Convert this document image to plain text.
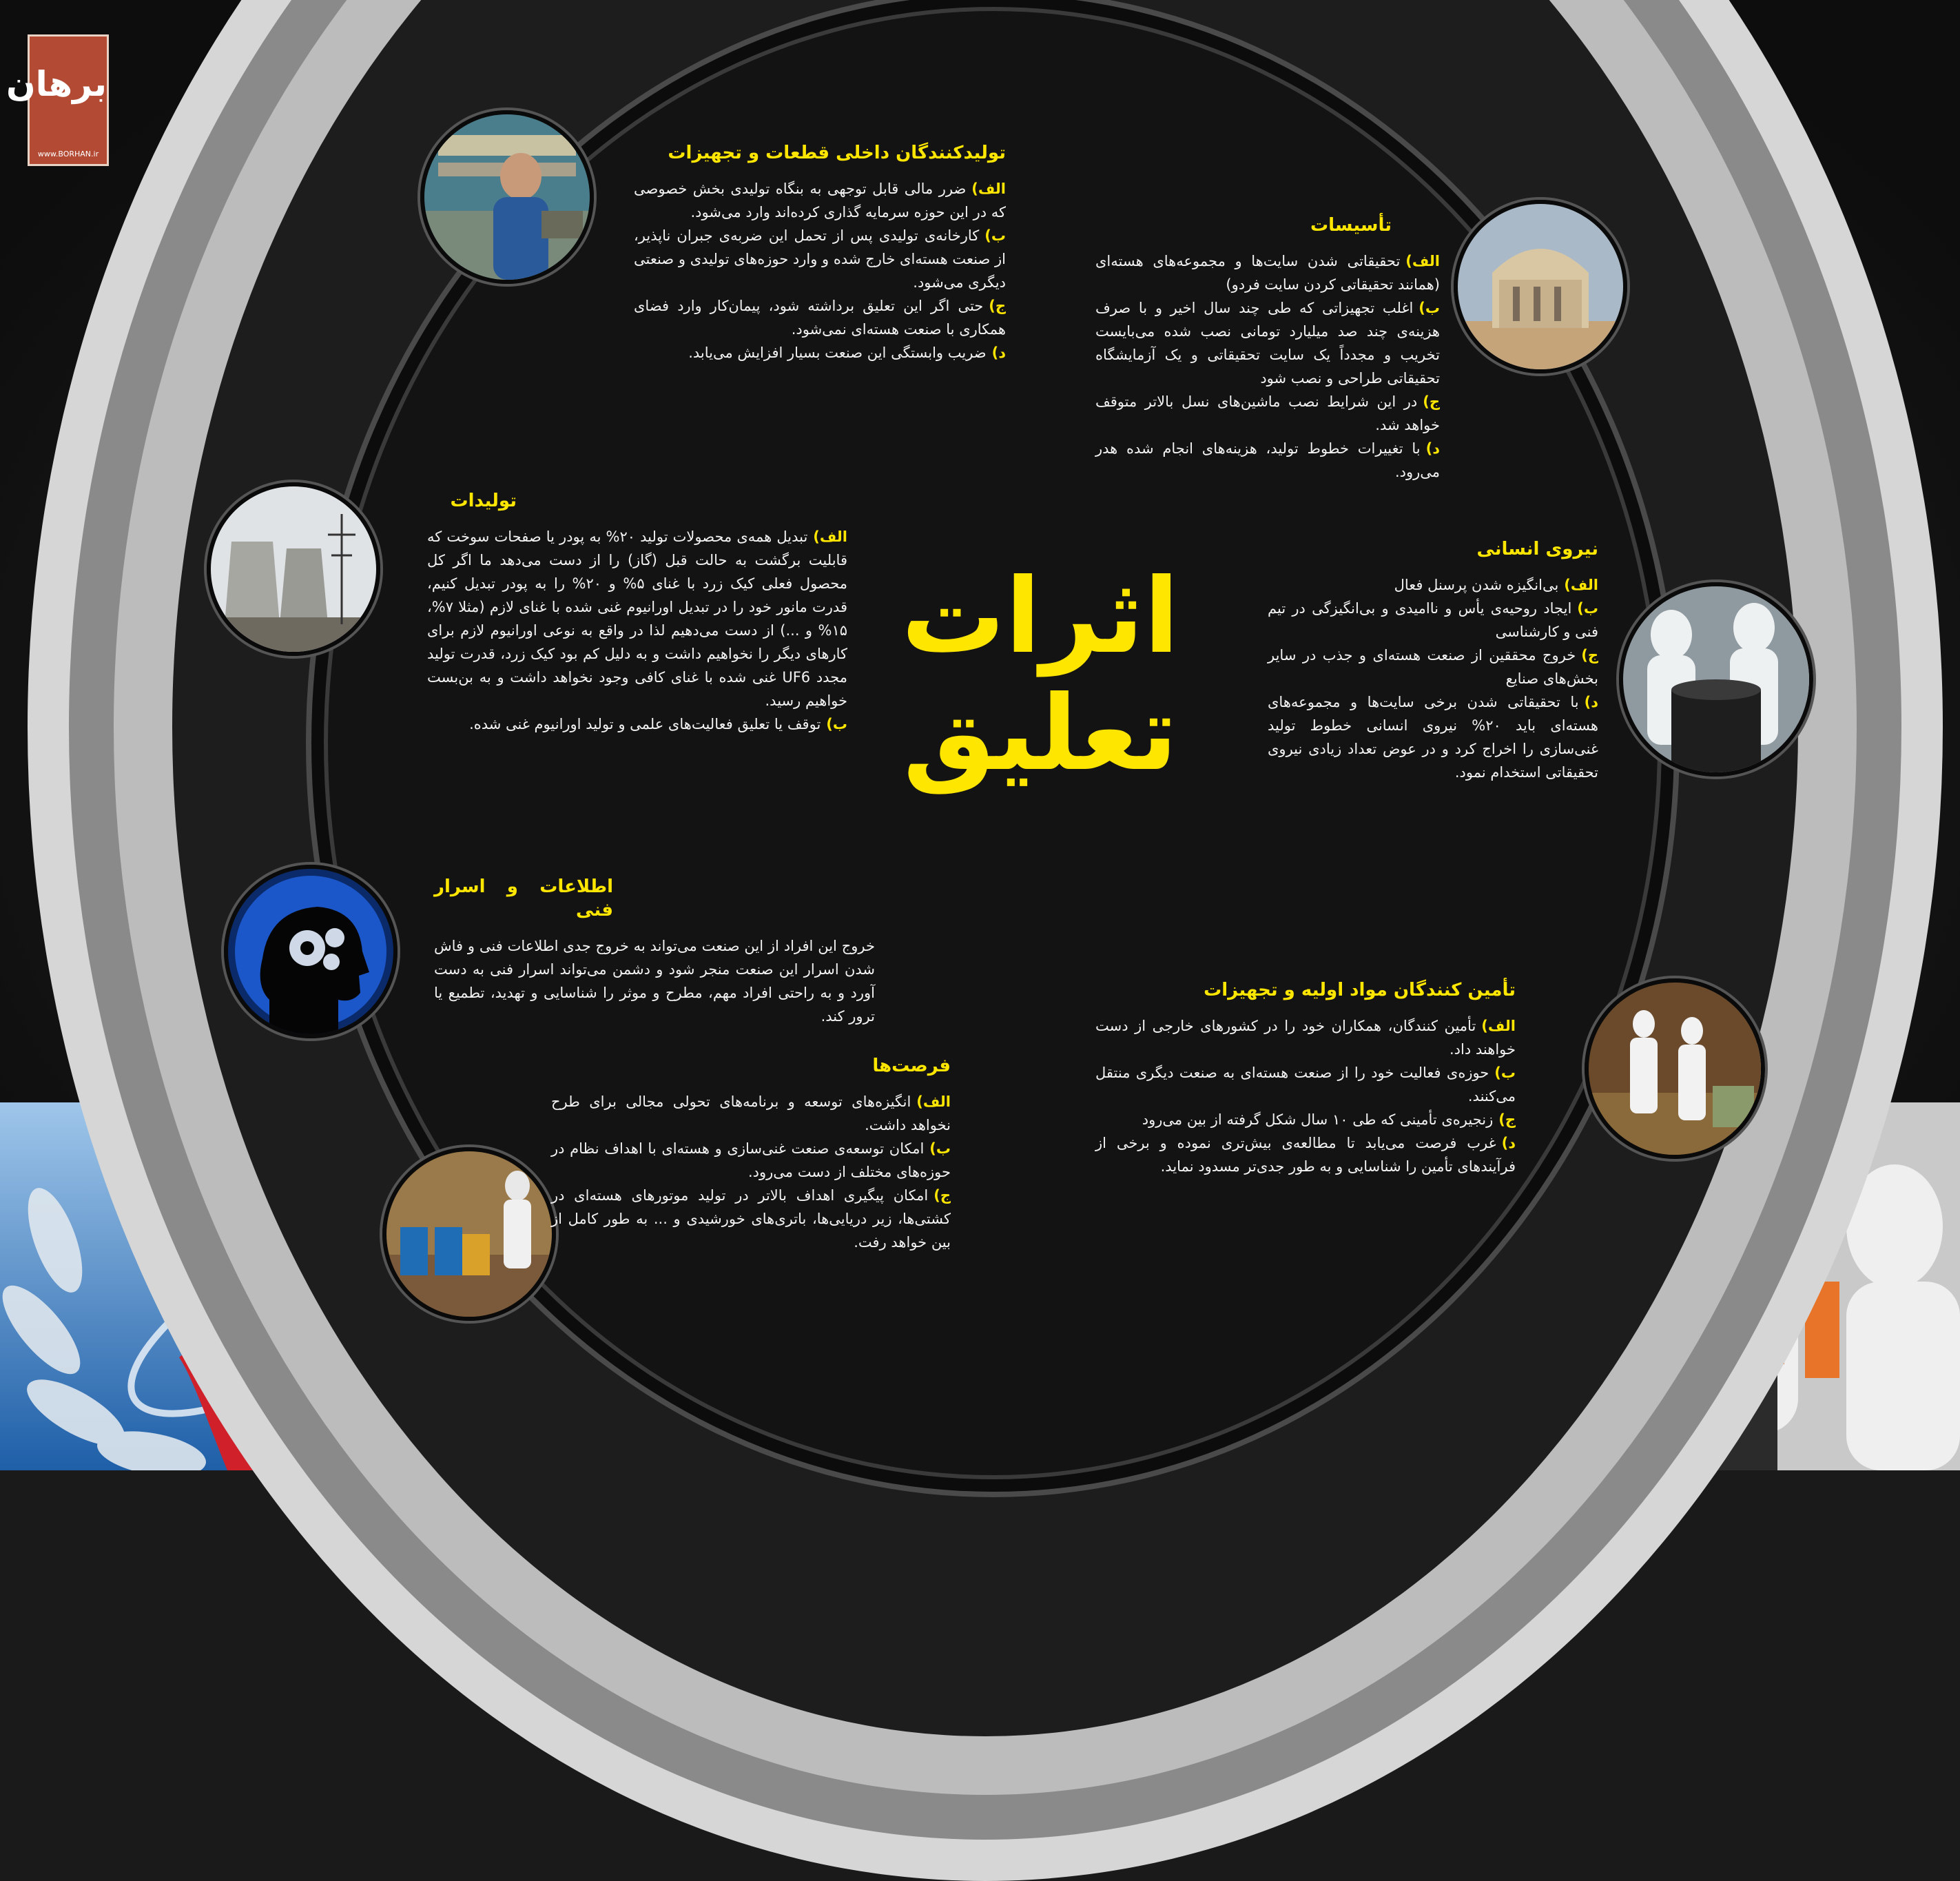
برهان
www.BORHAN.ir
اثرات
تعلیق
تولیدکنندگان داخلی قطعات و تجهیزات

الف)ضرر مالی قابل توجهی به بنگاه تولیدی بخش خصوصی که در این حوزه سرمایه گذاری کرده‌اند وارد می‌شود.

ب)کارخانه‌ی تولیدی پس از تحمل این ضربه‌ی جبران ناپذیر، از صنعت هسته‌ای خارج شده و وارد حوزه‌های تولیدی و صنعتی دیگری می‌شود.

ج)حتی اگر این تعلیق برداشته شود، پیمان‌کار وارد فضای همکاری با صنعت هسته‌ای نمی‌شود.

د)ضریب وابستگی این صنعت بسیار افزایش می‌یابد.

تأسیسات

الف)تحقیقاتی شدن سایت‌ها و مجموعه‌های هسته‌ای (همانند تحقیقاتی کردن سایت فردو)

ب)اغلب تجهیزاتی که طی چند سال اخیر و با صرف هزینه‌ی چند صد میلیارد تومانی نصب شده می‌بایست تخریب و مجدداً یک سایت تحقیقاتی و یک آزمایشگاه تحقیقاتی طراحی و نصب شود

ج)در این شرایط نصب ماشین‌های نسل بالاتر متوقف خواهد شد.

د)با تغییرات خطوط تولید، هزینه‌های انجام شده هدر می‌رود.

تولیدات

الف)تبدیل همه‌ی محصولات تولید ۲۰% به پودر یا صفحات سوخت که قابلیت برگشت به حالت قبل (گاز) را از دست می‌دهد ما اگر کل محصول فعلی کیک زرد با غنای ۵% و ۲۰% را به پودر تبدیل کنیم، قدرت مانور خود را در تبدیل اورانیوم غنی شده با غنای لازم (مثلا ۷%، ۱۵% و ...) از دست می‌دهیم لذا در واقع به نوعی اورانیوم لازم برای کارهای دیگر را نخواهیم داشت و به دلیل کم بود کیک زرد، قدرت تولید مجدد UF6 غنی شده با غنای کافی وجود نخواهد داشت و به بن‌بست خواهیم رسید.

ب)توقف یا تعلیق فعالیت‌های علمی و تولید اورانیوم غنی شده.

نیروی انسانی

الف)بی‌انگیزه شدن پرسنل فعال

ب)ایجاد روحیه‌ی یأس و ناامیدی و بی‌انگیزگی در تیم فنی و کارشناسی

ج)خروج محققین از صنعت هسته‌ای و جذب در سایر بخش‌های صنایع

د)با تحقیقاتی شدن برخی سایت‌ها و مجموعه‌های هسته‌ای باید ۲۰% نیروی انسانی خطوط تولید غنی‌سازی را اخراج کرد و در عوض تعداد زیادی نیروی تحقیقاتی استخدام نمود.

اطلاعات و اسرار فنی

خروج این افراد از این صنعت می‌تواند به خروج جدی اطلاعات فنی و فاش شدن اسرار این صنعت منجر شود و دشمن می‌تواند اسرار فنی به دست آورد و به راحتی افراد مهم، مطرح و موثر را شناسایی و تهدید، تطمیع یا ترور کند.

فرصت‌ها

الف)انگیزه‌های توسعه و برنامه‌های تحولی مجالی برای طرح نخواهد داشت.

ب)امکان توسعه‌ی صنعت غنی‌سازی و هسته‌ای با اهداف نظام در حوزه‌های مختلف از دست می‌رود.

ج)امکان پیگیری اهداف بالاتر در تولید موتورهای هسته‌ای در کشتی‌ها، زیر دریایی‌ها، باتری‌های خورشیدی و ... به طور کامل از بین خواهد رفت.

تأمین کنندگان مواد اولیه و تجهیزات

الف)تأمین کنندگان، همکاران خود را در کشورهای خارجی از دست خواهند داد.

ب)حوزه‌ی فعالیت خود را از صنعت هسته‌ای به صنعت دیگری منتقل می‌کنند.

ج)زنجیره‌ی تأمینی که طی ۱۰ سال شکل گرفته از بین می‌رود

د)غرب فرصت می‌یابد تا مطالعه‌ی بیش‌تری نموده و برخی از فرآیندهای تأمین را شناسایی و به طور جدی‌تر مسدود نماید.
